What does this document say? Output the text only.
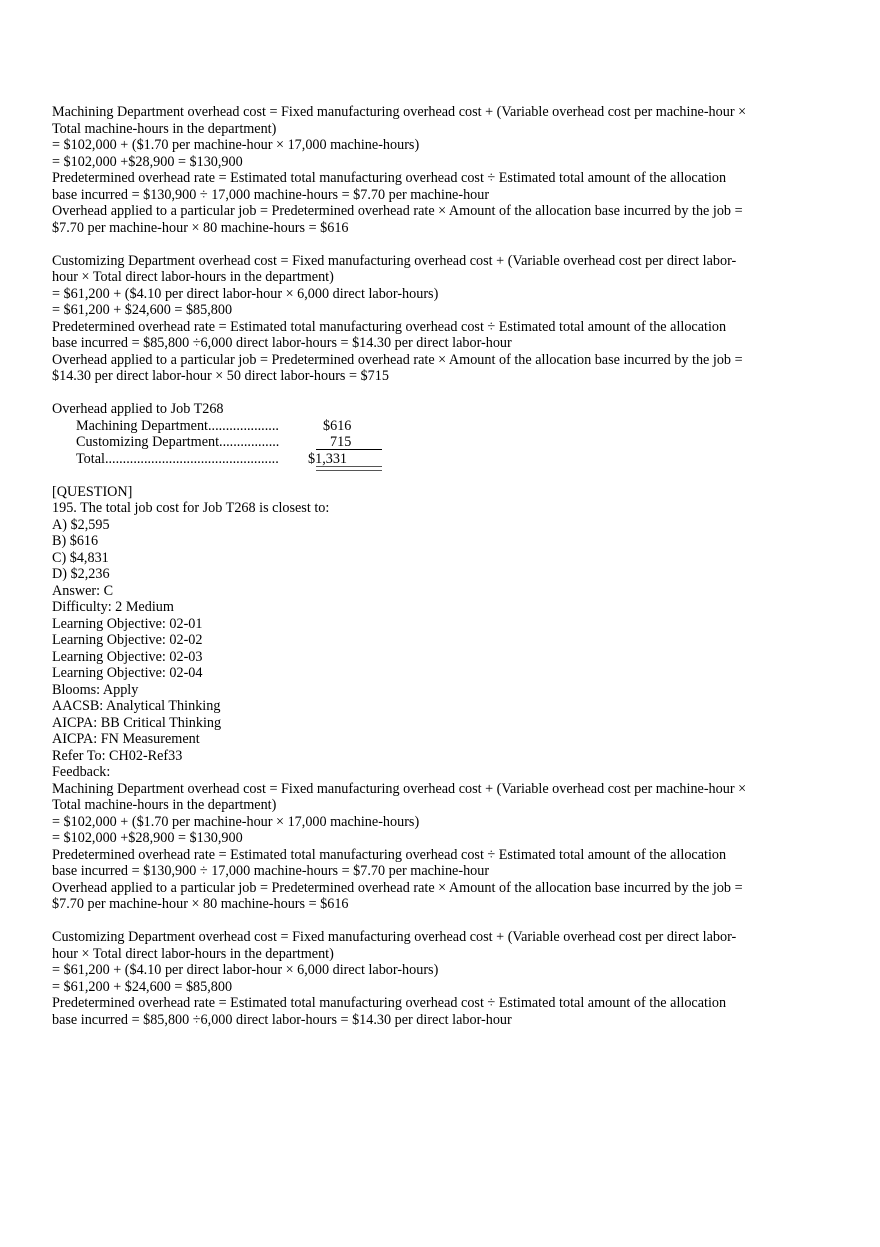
Machining Department overhead cost = Fixed manufacturing overhead cost + (Variable overhead cost per machine-hour ×
Total machine-hours in the department)
= $102,000 + ($1.70 per machine-hour × 17,000 machine-hours)
= $102,000 +$28,900 = $130,900
Predetermined overhead rate = Estimated total manufacturing overhead cost ÷ Estimated total amount of the allocation
base incurred = $130,900 ÷ 17,000 machine-hours = $7.70 per machine-hour
Overhead applied to a particular job = Predetermined overhead rate × Amount of the allocation base incurred by the job =
$7.70 per machine-hour × 80 machine-hours = $616
Customizing Department overhead cost = Fixed manufacturing overhead cost + (Variable overhead cost per direct labor-
hour × Total direct labor-hours in the department)
= $61,200 + ($4.10 per direct labor-hour × 6,000 direct labor-hours)
= $61,200 + $24,600 = $85,800
Predetermined overhead rate = Estimated total manufacturing overhead cost ÷ Estimated total amount of the allocation
base incurred = $85,800 ÷6,000 direct labor-hours = $14.30 per direct labor-hour
Overhead applied to a particular job = Predetermined overhead rate × Amount of the allocation base incurred by the job =
$14.30 per direct labor-hour × 50 direct labor-hours = $715
Overhead applied to Job T268
Machining Department....................	$616
Customizing Department.................	715
Total................................................. $1,331
[QUESTION]
195. The total job cost for Job T268 is closest to:
A) $2,595
B) $616
C) $4,831
D) $2,236
Answer: C
Difficulty: 2 Medium
Learning Objective: 02-01
Learning Objective: 02-02
Learning Objective: 02-03
Learning Objective: 02-04
Blooms: Apply
AACSB: Analytical Thinking
AICPA: BB Critical Thinking
AICPA: FN Measurement
Refer To: CH02-Ref33
Feedback:
Machining Department overhead cost = Fixed manufacturing overhead cost + (Variable overhead cost per machine-hour ×
Total machine-hours in the department)
= $102,000 + ($1.70 per machine-hour × 17,000 machine-hours)
= $102,000 +$28,900 = $130,900
Predetermined overhead rate = Estimated total manufacturing overhead cost ÷ Estimated total amount of the allocation
base incurred = $130,900 ÷ 17,000 machine-hours = $7.70 per machine-hour
Overhead applied to a particular job = Predetermined overhead rate × Amount of the allocation base incurred by the job =
$7.70 per machine-hour × 80 machine-hours = $616
Customizing Department overhead cost = Fixed manufacturing overhead cost + (Variable overhead cost per direct labor-
hour × Total direct labor-hours in the department)
= $61,200 + ($4.10 per direct labor-hour × 6,000 direct labor-hours)
= $61,200 + $24,600 = $85,800
Predetermined overhead rate = Estimated total manufacturing overhead cost ÷ Estimated total amount of the allocation
base incurred = $85,800 ÷6,000 direct labor-hours = $14.30 per direct labor-hour
